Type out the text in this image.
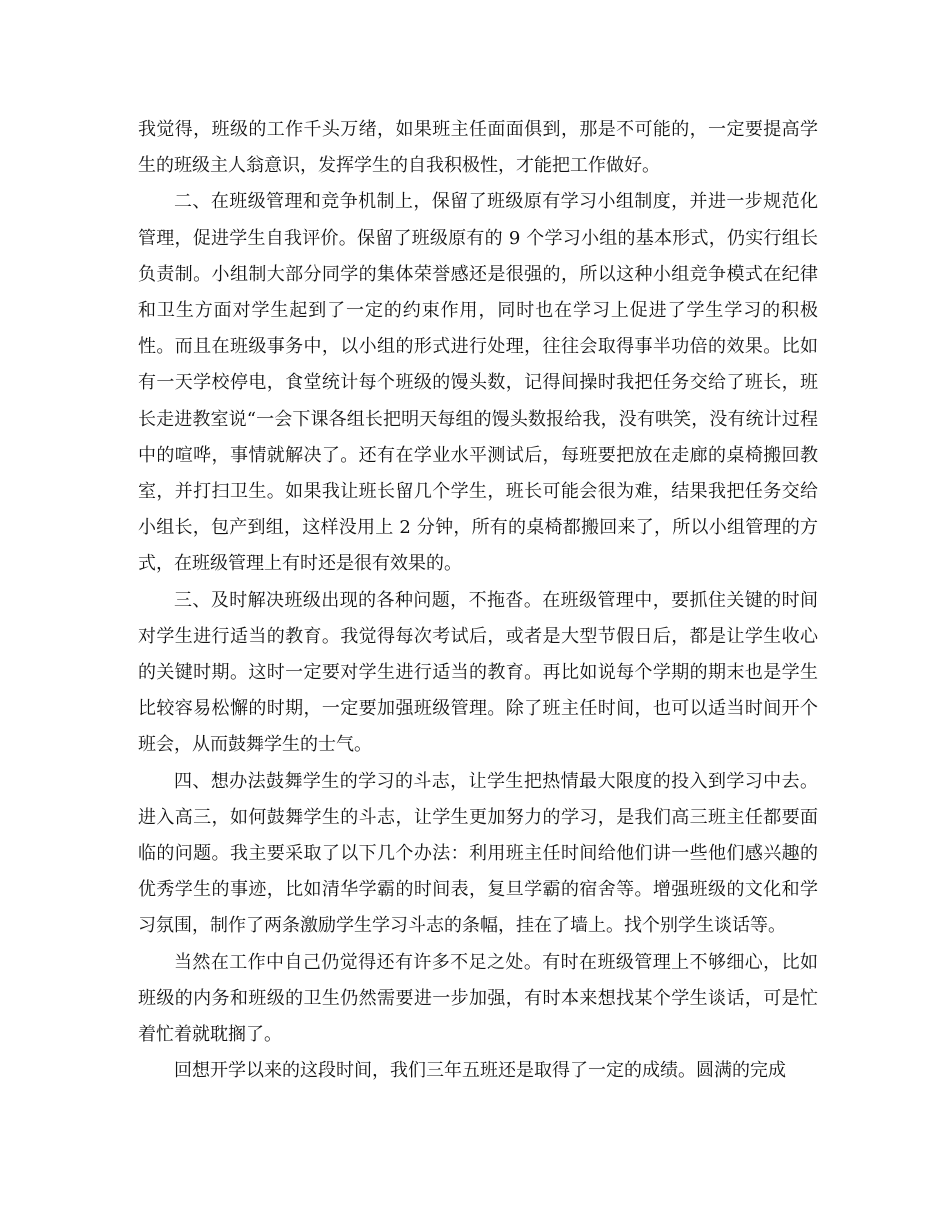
我觉得，班级的工作千头万绪，如果班主任面面俱到，那是不可能的，一定要提高学生的班级主人翁意识，发挥学生的自我积极性，才能把工作做好。

二、在班级管理和竞争机制上，保留了班级原有学习小组制度，并进一步规范化管理，促进学生自我评价。保留了班级原有的 9 个学习小组的基本形式，仍实行组长负责制。小组制大部分同学的集体荣誉感还是很强的，所以这种小组竞争模式在纪律和卫生方面对学生起到了一定的约束作用，同时也在学习上促进了学生学习的积极性。而且在班级事务中，以小组的形式进行处理，往往会取得事半功倍的效果。比如有一天学校停电，食堂统计每个班级的馒头数，记得间操时我把任务交给了班长，班长走进教室说“一会下课各组长把明天每组的馒头数报给我，没有哄笑，没有统计过程中的喧哗，事情就解决了。还有在学业水平测试后，每班要把放在走廊的桌椅搬回教室，并打扫卫生。如果我让班长留几个学生，班长可能会很为难，结果我把任务交给小组长，包产到组，这样没用上 2 分钟，所有的桌椅都搬回来了，所以小组管理的方式，在班级管理上有时还是很有效果的。

三、及时解决班级出现的各种问题，不拖沓。在班级管理中，要抓住关键的时间对学生进行适当的教育。我觉得每次考试后，或者是大型节假日后，都是让学生收心的关键时期。这时一定要对学生进行适当的教育。再比如说每个学期的期末也是学生比较容易松懈的时期，一定要加强班级管理。除了班主任时间，也可以适当时间开个班会，从而鼓舞学生的士气。

四、想办法鼓舞学生的学习的斗志，让学生把热情最大限度的投入到学习中去。进入高三，如何鼓舞学生的斗志，让学生更加努力的学习，是我们高三班主任都要面临的问题。我主要采取了以下几个办法：利用班主任时间给他们讲一些他们感兴趣的优秀学生的事迹，比如清华学霸的时间表，复旦学霸的宿舍等。增强班级的文化和学习氛围，制作了两条激励学生学习斗志的条幅，挂在了墙上。找个别学生谈话等。

当然在工作中自己仍觉得还有许多不足之处。有时在班级管理上不够细心，比如班级的内务和班级的卫生仍然需要进一步加强，有时本来想找某个学生谈话，可是忙着忙着就耽搁了。

回想开学以来的这段时间，我们三年五班还是取得了一定的成绩。圆满的完成
